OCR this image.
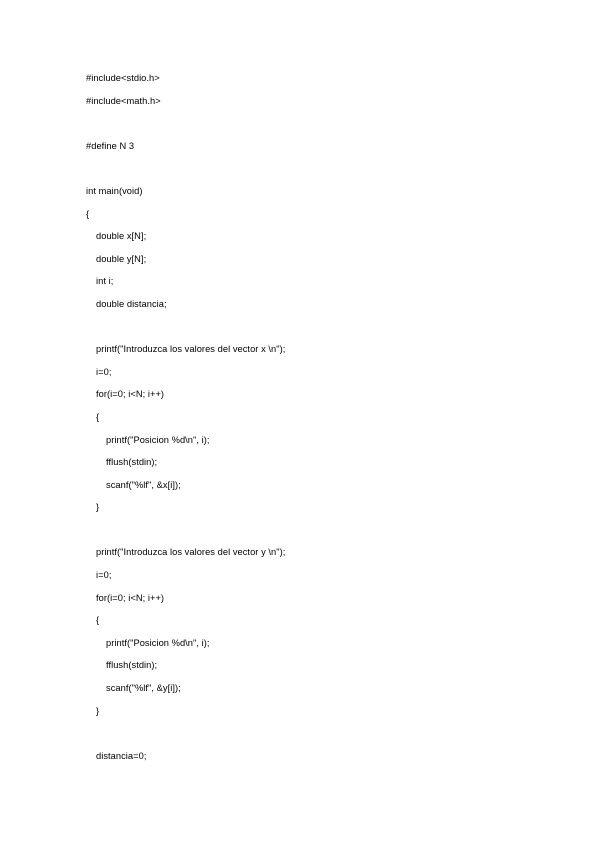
#include<stdio.h>
#include<math.h>
#define N 3
int main(void)
{
double x[N];
double y[N];
int i;
double distancia;
printf("Introduzca los valores del vector x \n");
i=0;
for(i=0; i<N; i++)
{
printf("Posicion %d\n", i);
fflush(stdin);
scanf("%lf", &x[i]);
}
printf("Introduzca los valores del vector y \n");
i=0;
for(i=0; i<N; i++)
{
printf("Posicion %d\n", i);
fflush(stdin);
scanf("%lf", &y[i]);
}
distancia=0;
